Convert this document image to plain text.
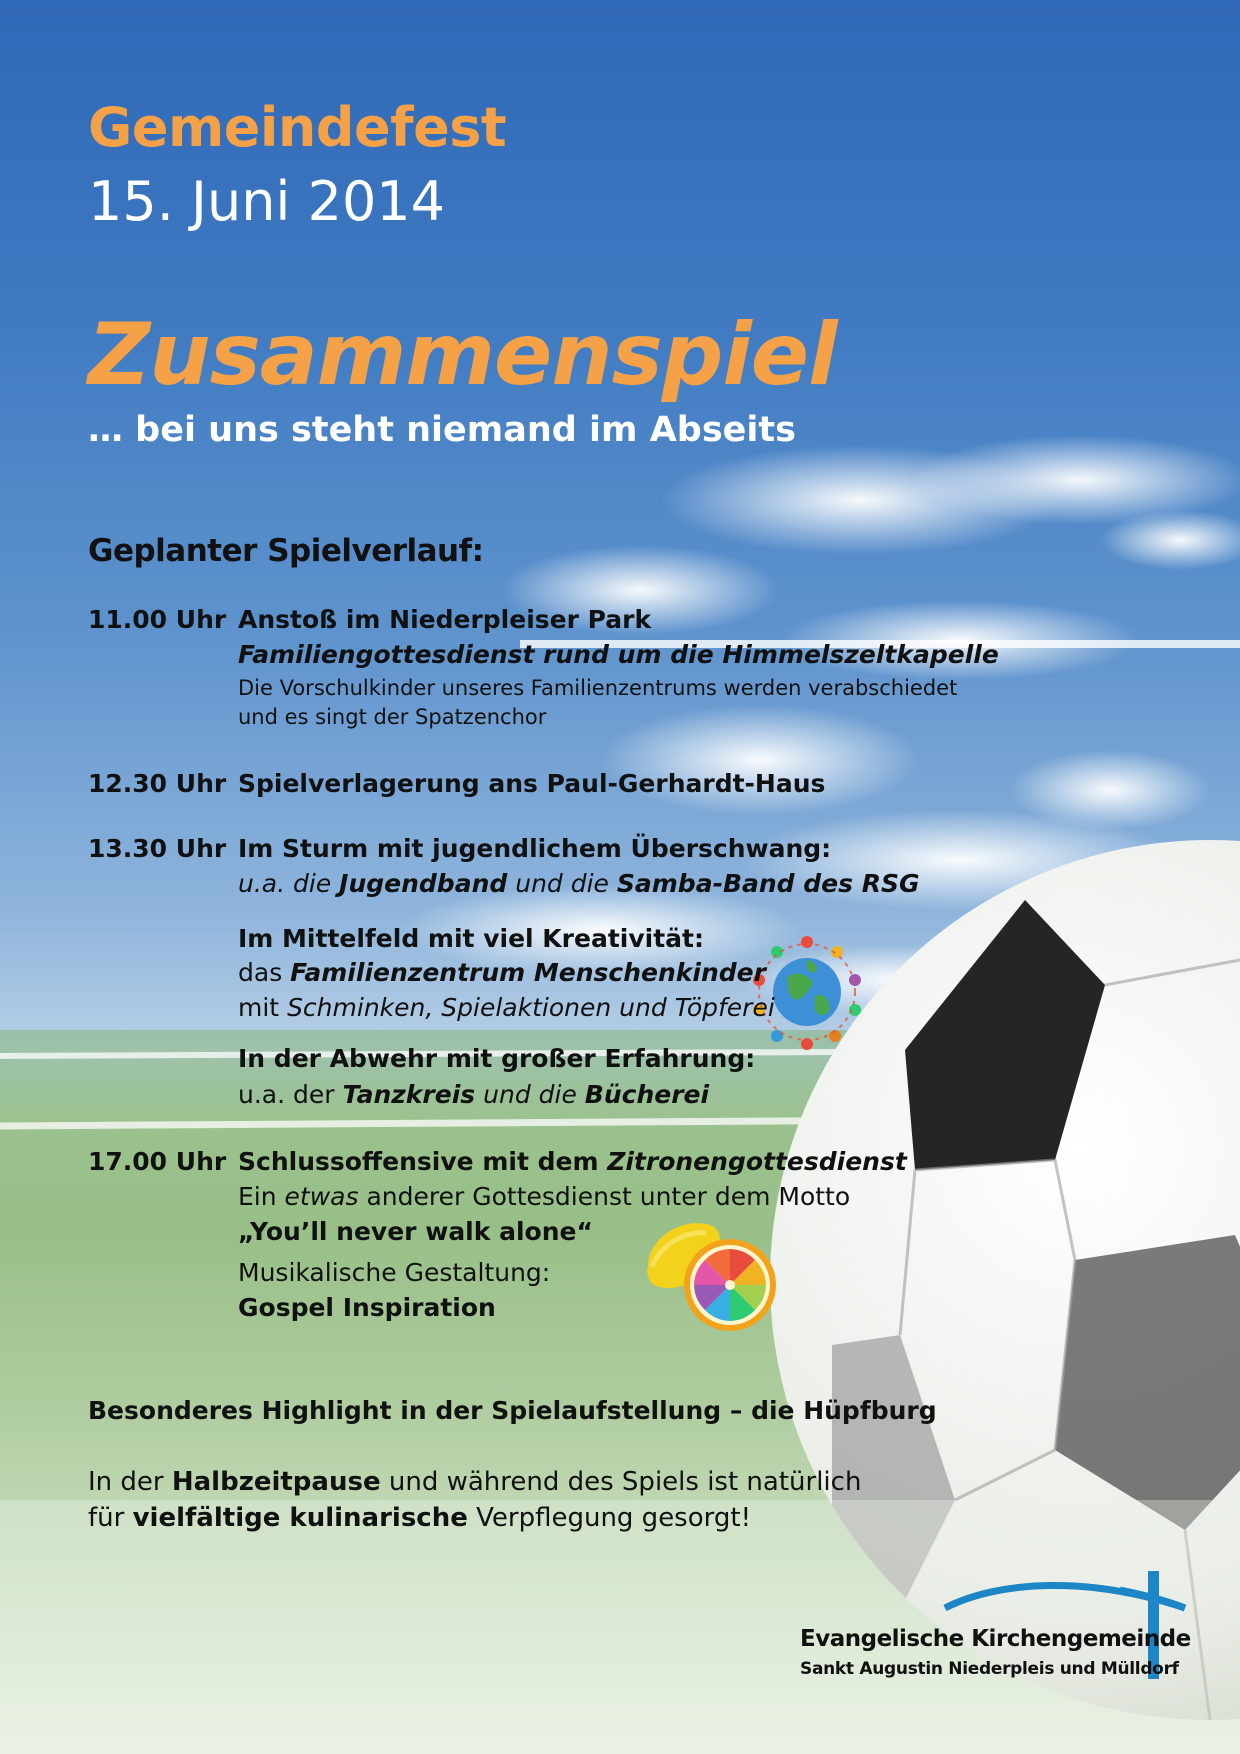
Gemeindefest
15. Juni 2014
Zusammenspiel
… bei uns steht niemand im Abseits
Geplanter Spielverlauf:
11.00 Uhr Anstoß im Niederpleiser Park
Familiengottesdienst rund um die Himmelszeltkapelle
Die Vorschulkinder unseres Familienzentrums werden verabschiedet
und es singt der Spatzenchor
12.30 Uhr Spielverlagerung ans Paul-Gerhardt-Haus
13.30 Uhr Im Sturm mit jugendlichem Überschwang:
u.a. die Jugendband und die Samba-Band des RSG
Im Mittelfeld mit viel Kreativität:
das Familienzentrum Menschenkinder
mit Schminken, Spielaktionen und Töpferei
In der Abwehr mit großer Erfahrung:
u.a. der Tanzkreis und die Bücherei
17.00 Uhr Schlussoffensive mit dem Zitronengottesdienst
Ein etwas anderer Gottesdienst unter dem Motto
„You’ll never walk alone“
Musikalische Gestaltung:
Gospel Inspiration
Besonderes Highlight in der Spielaufstellung – die Hüpfburg
In der Halbzeitpause und während des Spiels ist natürlich
für vielfältige kulinarische Verpflegung gesorgt!
Evangelische Kirchengemeinde
Sankt Augustin Niederpleis und Mülldorf
